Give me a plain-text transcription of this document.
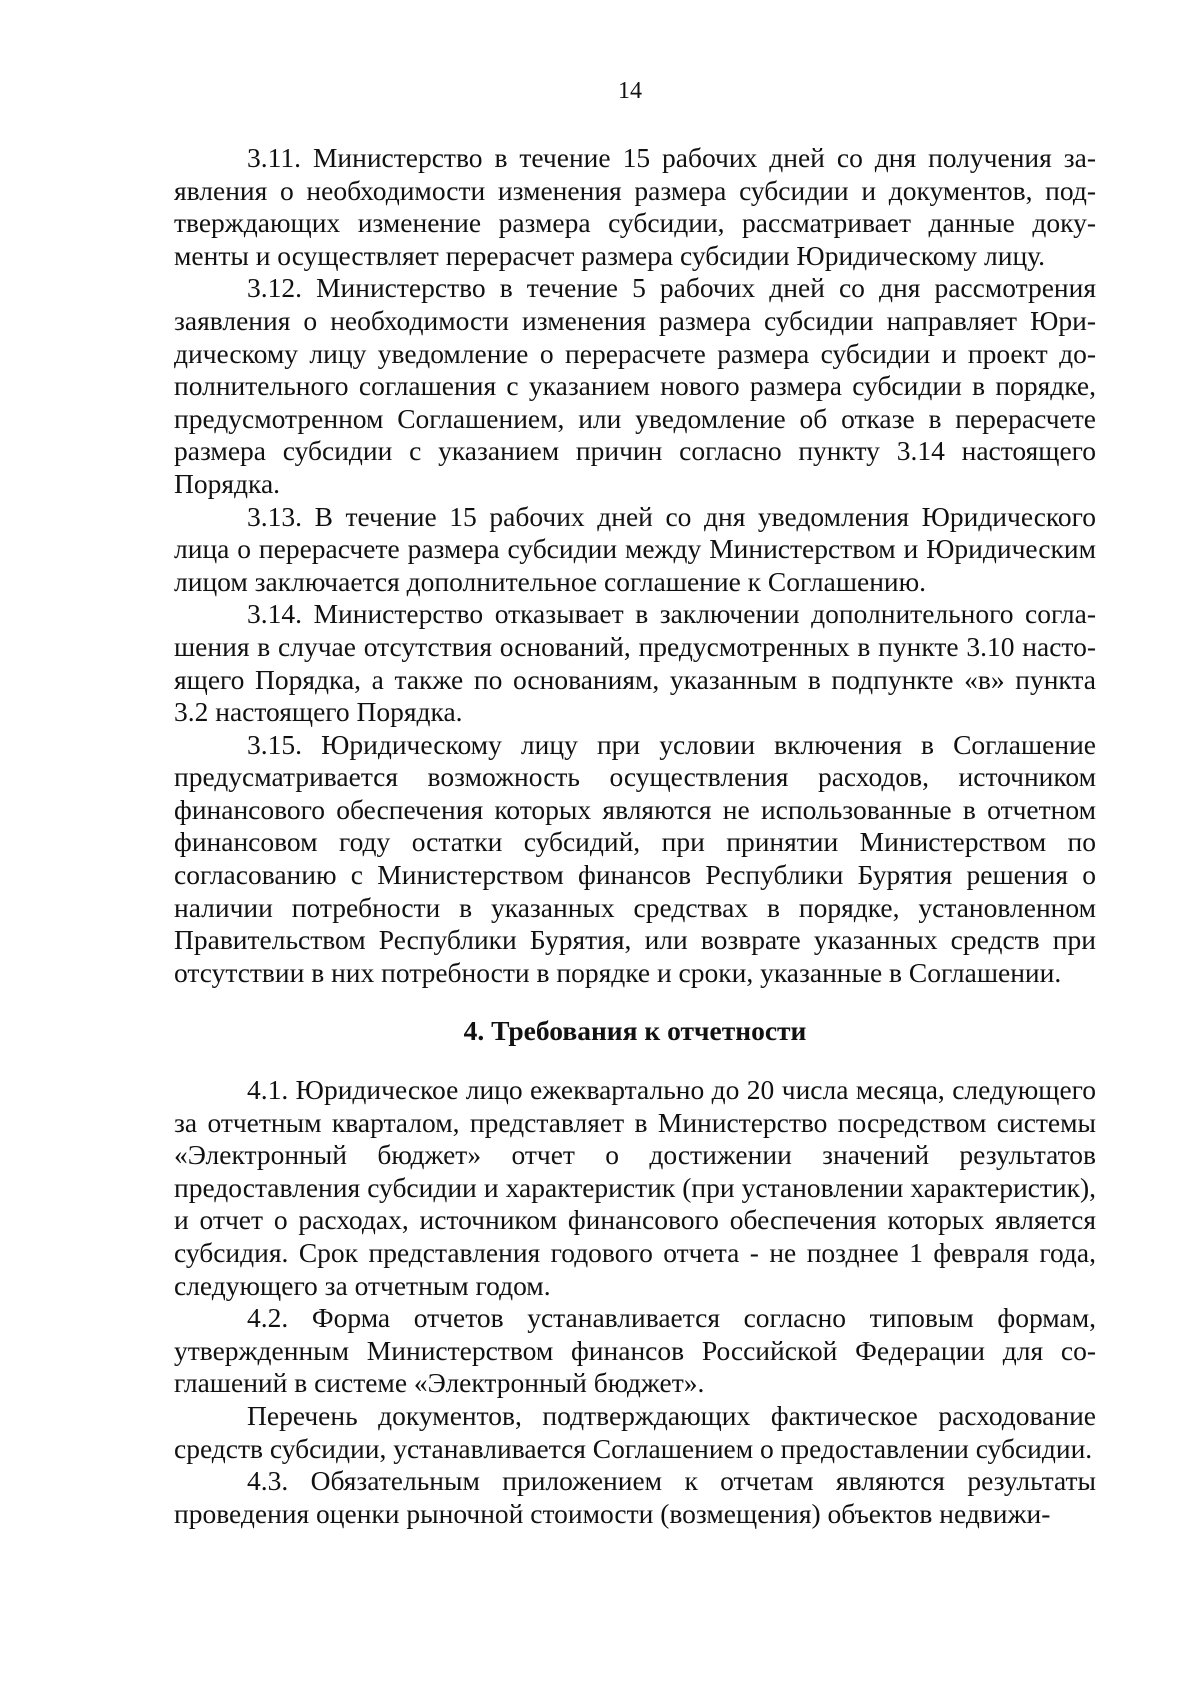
14

3.11. Министерство в течение 15 рабочих дней со дня получения заявления о необходимости изменения размера субсидии и документов, подтверждающих изменение размера субсидии, рассматривает данные документы и осуществляет перерасчет размера субсидии Юридическому лицу.

3.12. Министерство в течение 5 рабочих дней со дня рассмотрения заявления о необходимости изменения размера субсидии направляет Юридическому лицу уведомление о перерасчете размера субсидии и проект дополнительного соглашения с указанием нового размера субсидии в порядке, предусмотренном Соглашением, или уведомление об отказе в перерасчете размера субсидии с указанием причин согласно пункту 3.14 настоящего Порядка.

3.13. В течение 15 рабочих дней со дня уведомления Юридического лица о перерасчете размера субсидии между Министерством и Юридическим лицом заключается дополнительное соглашение к Соглашению.

3.14. Министерство отказывает в заключении дополнительного соглашения в случае отсутствия оснований, предусмотренных в пункте 3.10 настоящего Порядка, а также по основаниям, указанным в подпункте «в» пункта 3.2 настоящего Порядка.

3.15. Юридическому лицу при условии включения в Соглашение предусматривается возможность осуществления расходов, источником финансового обеспечения которых являются не использованные в отчетном финансовом году остатки субсидий, при принятии Министерством по согласованию с Министерством финансов Республики Бурятия решения о наличии потребности в указанных средствах в порядке, установленном Правительством Республики Бурятия, или возврате указанных средств при отсутствии в них потребности в порядке и сроки, указанные в Соглашении.

4. Требования к отчетности

4.1. Юридическое лицо ежеквартально до 20 числа месяца, следующего за отчетным кварталом, представляет в Министерство посредством системы «Электронный бюджет» отчет о достижении значений результатов предоставления субсидии и характеристик (при установлении характеристик), и отчет о расходах, источником финансового обеспечения которых является субсидия. Срок представления годового отчета - не позднее 1 февраля года, следующего за отчетным годом.

4.2. Форма отчетов устанавливается согласно типовым формам, утвержденным Министерством финансов Российской Федерации для соглашений в системе «Электронный бюджет».

Перечень документов, подтверждающих фактическое расходование средств субсидии, устанавливается Соглашением о предоставлении субсидии.

4.3. Обязательным приложением к отчетам являются результаты проведения оценки рыночной стоимости (возмещения) объектов недвижи-
